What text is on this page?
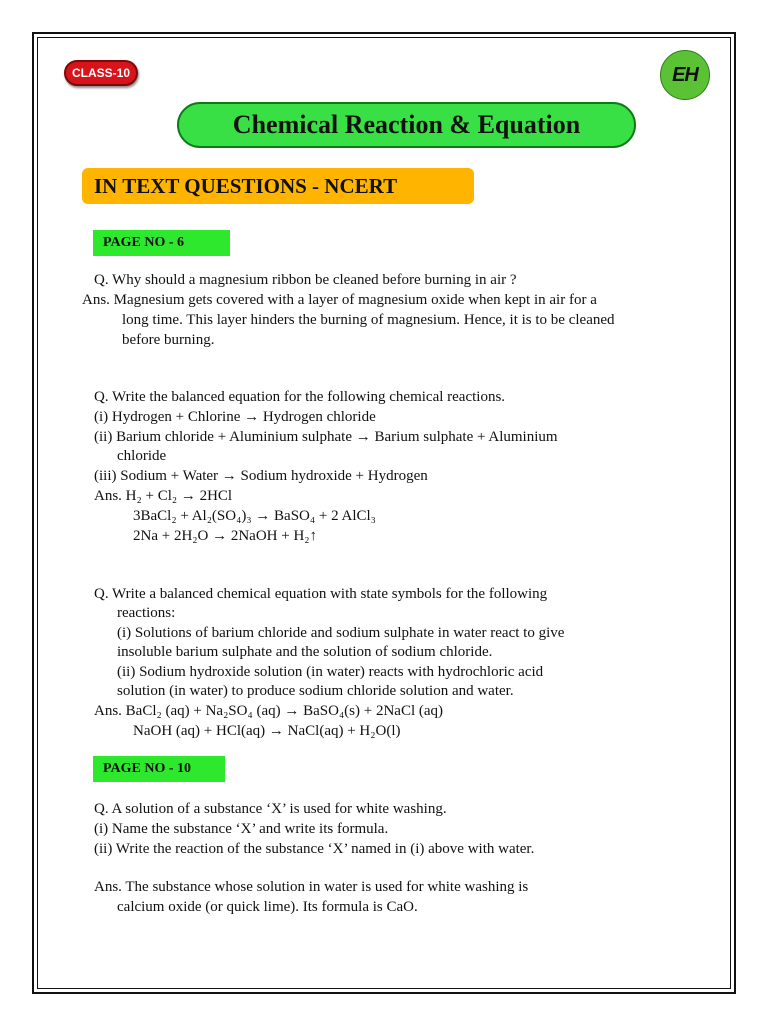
CLASS-10	EH
Chemical Reaction & Equation
IN TEXT QUESTIONS - NCERT
PAGE NO - 6
Q. Why should a magnesium ribbon be cleaned before burning in air ?
Ans. Magnesium gets covered with a layer of magnesium oxide when kept in air for a
long time. This layer hinders the burning of magnesium. Hence, it is to be cleaned
before burning.
Q. Write the balanced equation for the following chemical reactions.
(i) Hydrogen + Chlorine → Hydrogen chloride
(ii) Barium chloride + Aluminium sulphate → Barium sulphate + Aluminium
chloride
(iii) Sodium + Water → Sodium hydroxide + Hydrogen
Ans. H₂ + Cl₂ → 2HCl
3BaCl₂ + Al₂(SO₄)₃ → BaSO₄ + 2 AlCl₃
2Na + 2H₂O → 2NaOH + H₂↑
Q. Write a balanced chemical equation with state symbols for the following
reactions:
(i) Solutions of barium chloride and sodium sulphate in water react to give
insoluble barium sulphate and the solution of sodium chloride.
(ii) Sodium hydroxide solution (in water) reacts with hydrochloric acid
solution (in water) to produce sodium chloride solution and water.
Ans. BaCl₂ (aq) + Na₂SO₄ (aq) → BaSO₄(s) + 2NaCl (aq)
NaOH (aq) + HCl(aq) → NaCl(aq) + H₂O(l)
PAGE NO - 10
Q. A solution of a substance ‘X’ is used for white washing.
(i) Name the substance ‘X’ and write its formula.
(ii) Write the reaction of the substance ‘X’ named in (i) above with water.
Ans. The substance whose solution in water is used for white washing is
calcium oxide (or quick lime). Its formula is CaO.
